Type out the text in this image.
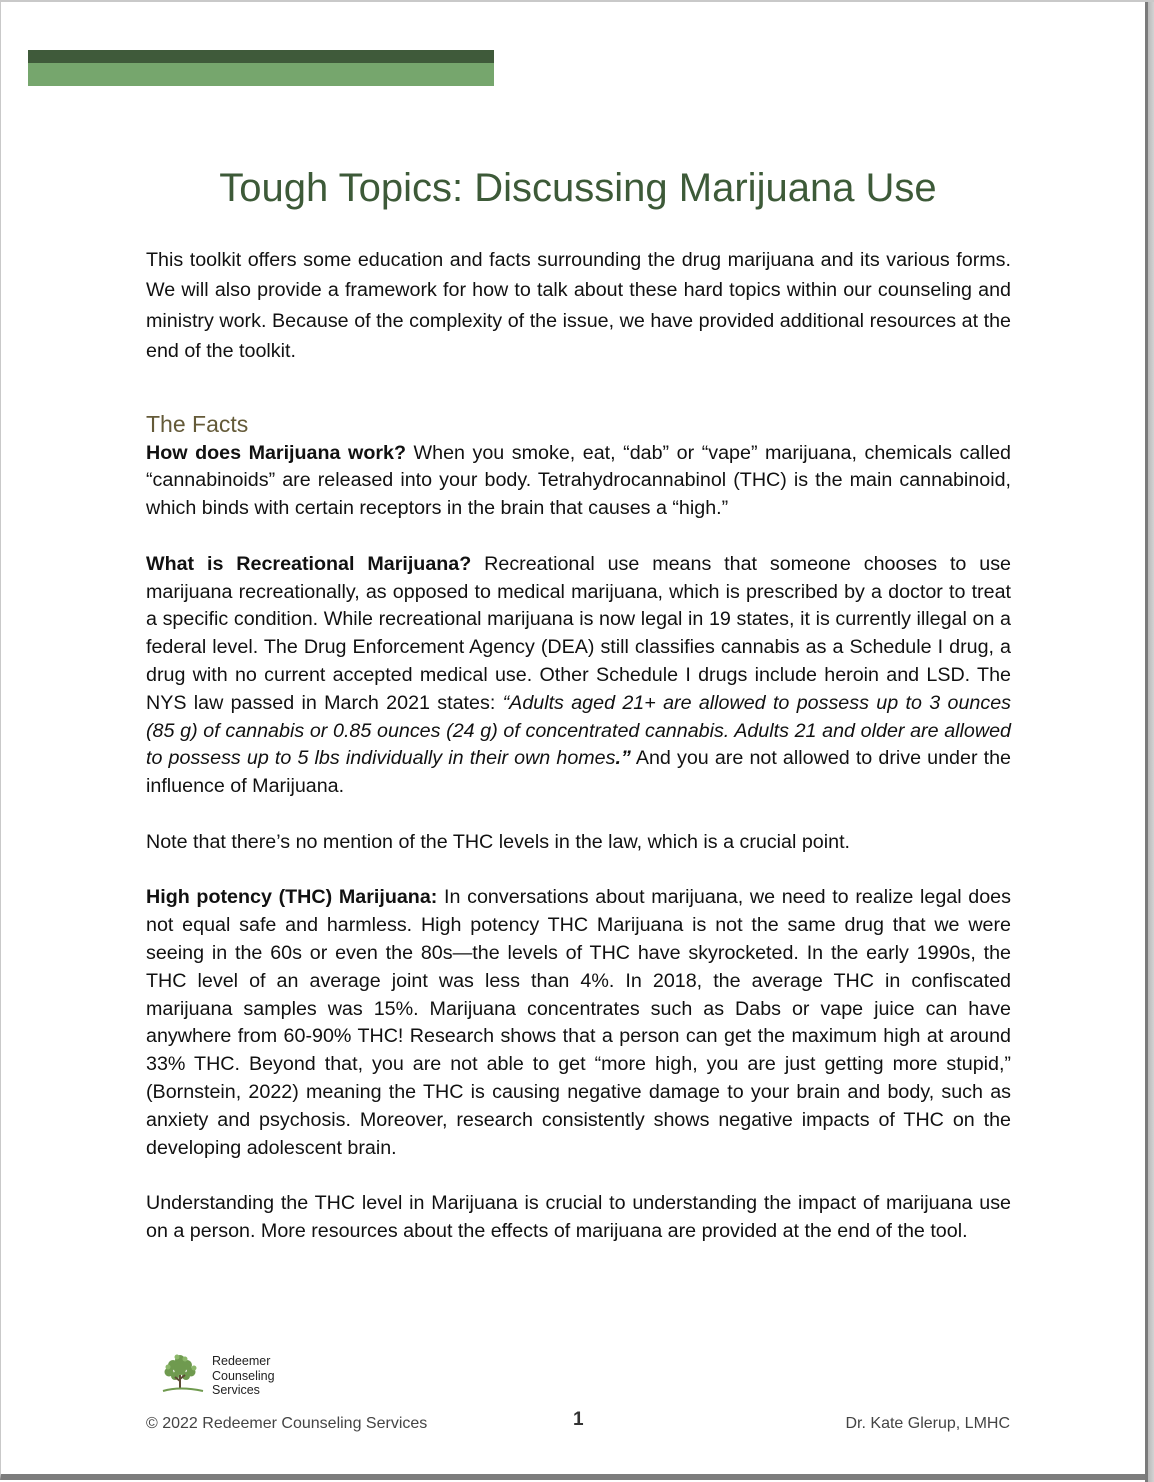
Tough Topics: Discussing Marijuana Use

This toolkit offers some education and facts surrounding the drug marijuana and its various forms. We will also provide a framework for how to talk about these hard topics within our counseling and ministry work. Because of the complexity of the issue, we have provided additional resources at the end of the toolkit.

The Facts

How does Marijuana work? When you smoke, eat, “dab” or “vape” marijuana, chemicals called “cannabinoids” are released into your body. Tetrahydrocannabinol (THC) is the main cannabinoid, which binds with certain receptors in the brain that causes a “high.”

What is Recreational Marijuana? Recreational use means that someone chooses to use marijuana recreationally, as opposed to medical marijuana, which is prescribed by a doctor to treat a specific condition. While recreational marijuana is now legal in 19 states, it is currently illegal on a federal level. The Drug Enforcement Agency (DEA) still classifies cannabis as a Schedule I drug, a drug with no current accepted medical use. Other Schedule I drugs include heroin and LSD. The NYS law passed in March 2021 states: “Adults aged 21+ are allowed to possess up to 3 ounces (85 g) of cannabis or 0.85 ounces (24 g) of concentrated cannabis. Adults 21 and older are allowed to possess up to 5 lbs individually in their own homes.” And you are not allowed to drive under the influence of Marijuana.

Note that there’s no mention of the THC levels in the law, which is a crucial point.

High potency (THC) Marijuana: In conversations about marijuana, we need to realize legal does not equal safe and harmless. High potency THC Marijuana is not the same drug that we were seeing in the 60s or even the 80s—the levels of THC have skyrocketed. In the early 1990s, the THC level of an average joint was less than 4%. In 2018, the average THC in confiscated marijuana samples was 15%. Marijuana concentrates such as Dabs or vape juice can have anywhere from 60-90% THC! Research shows that a person can get the maximum high at around 33% THC. Beyond that, you are not able to get “more high, you are just getting more stupid,” (Bornstein, 2022) meaning the THC is causing negative damage to your brain and body, such as anxiety and psychosis. Moreover, research consistently shows negative impacts of THC on the developing adolescent brain.

Understanding the THC level in Marijuana is crucial to understanding the impact of marijuana use on a person. More resources about the effects of marijuana are provided at the end of the tool.

Redeemer
Counseling
Services
© 2022 Redeemer Counseling Services	1	Dr. Kate Glerup, LMHC
